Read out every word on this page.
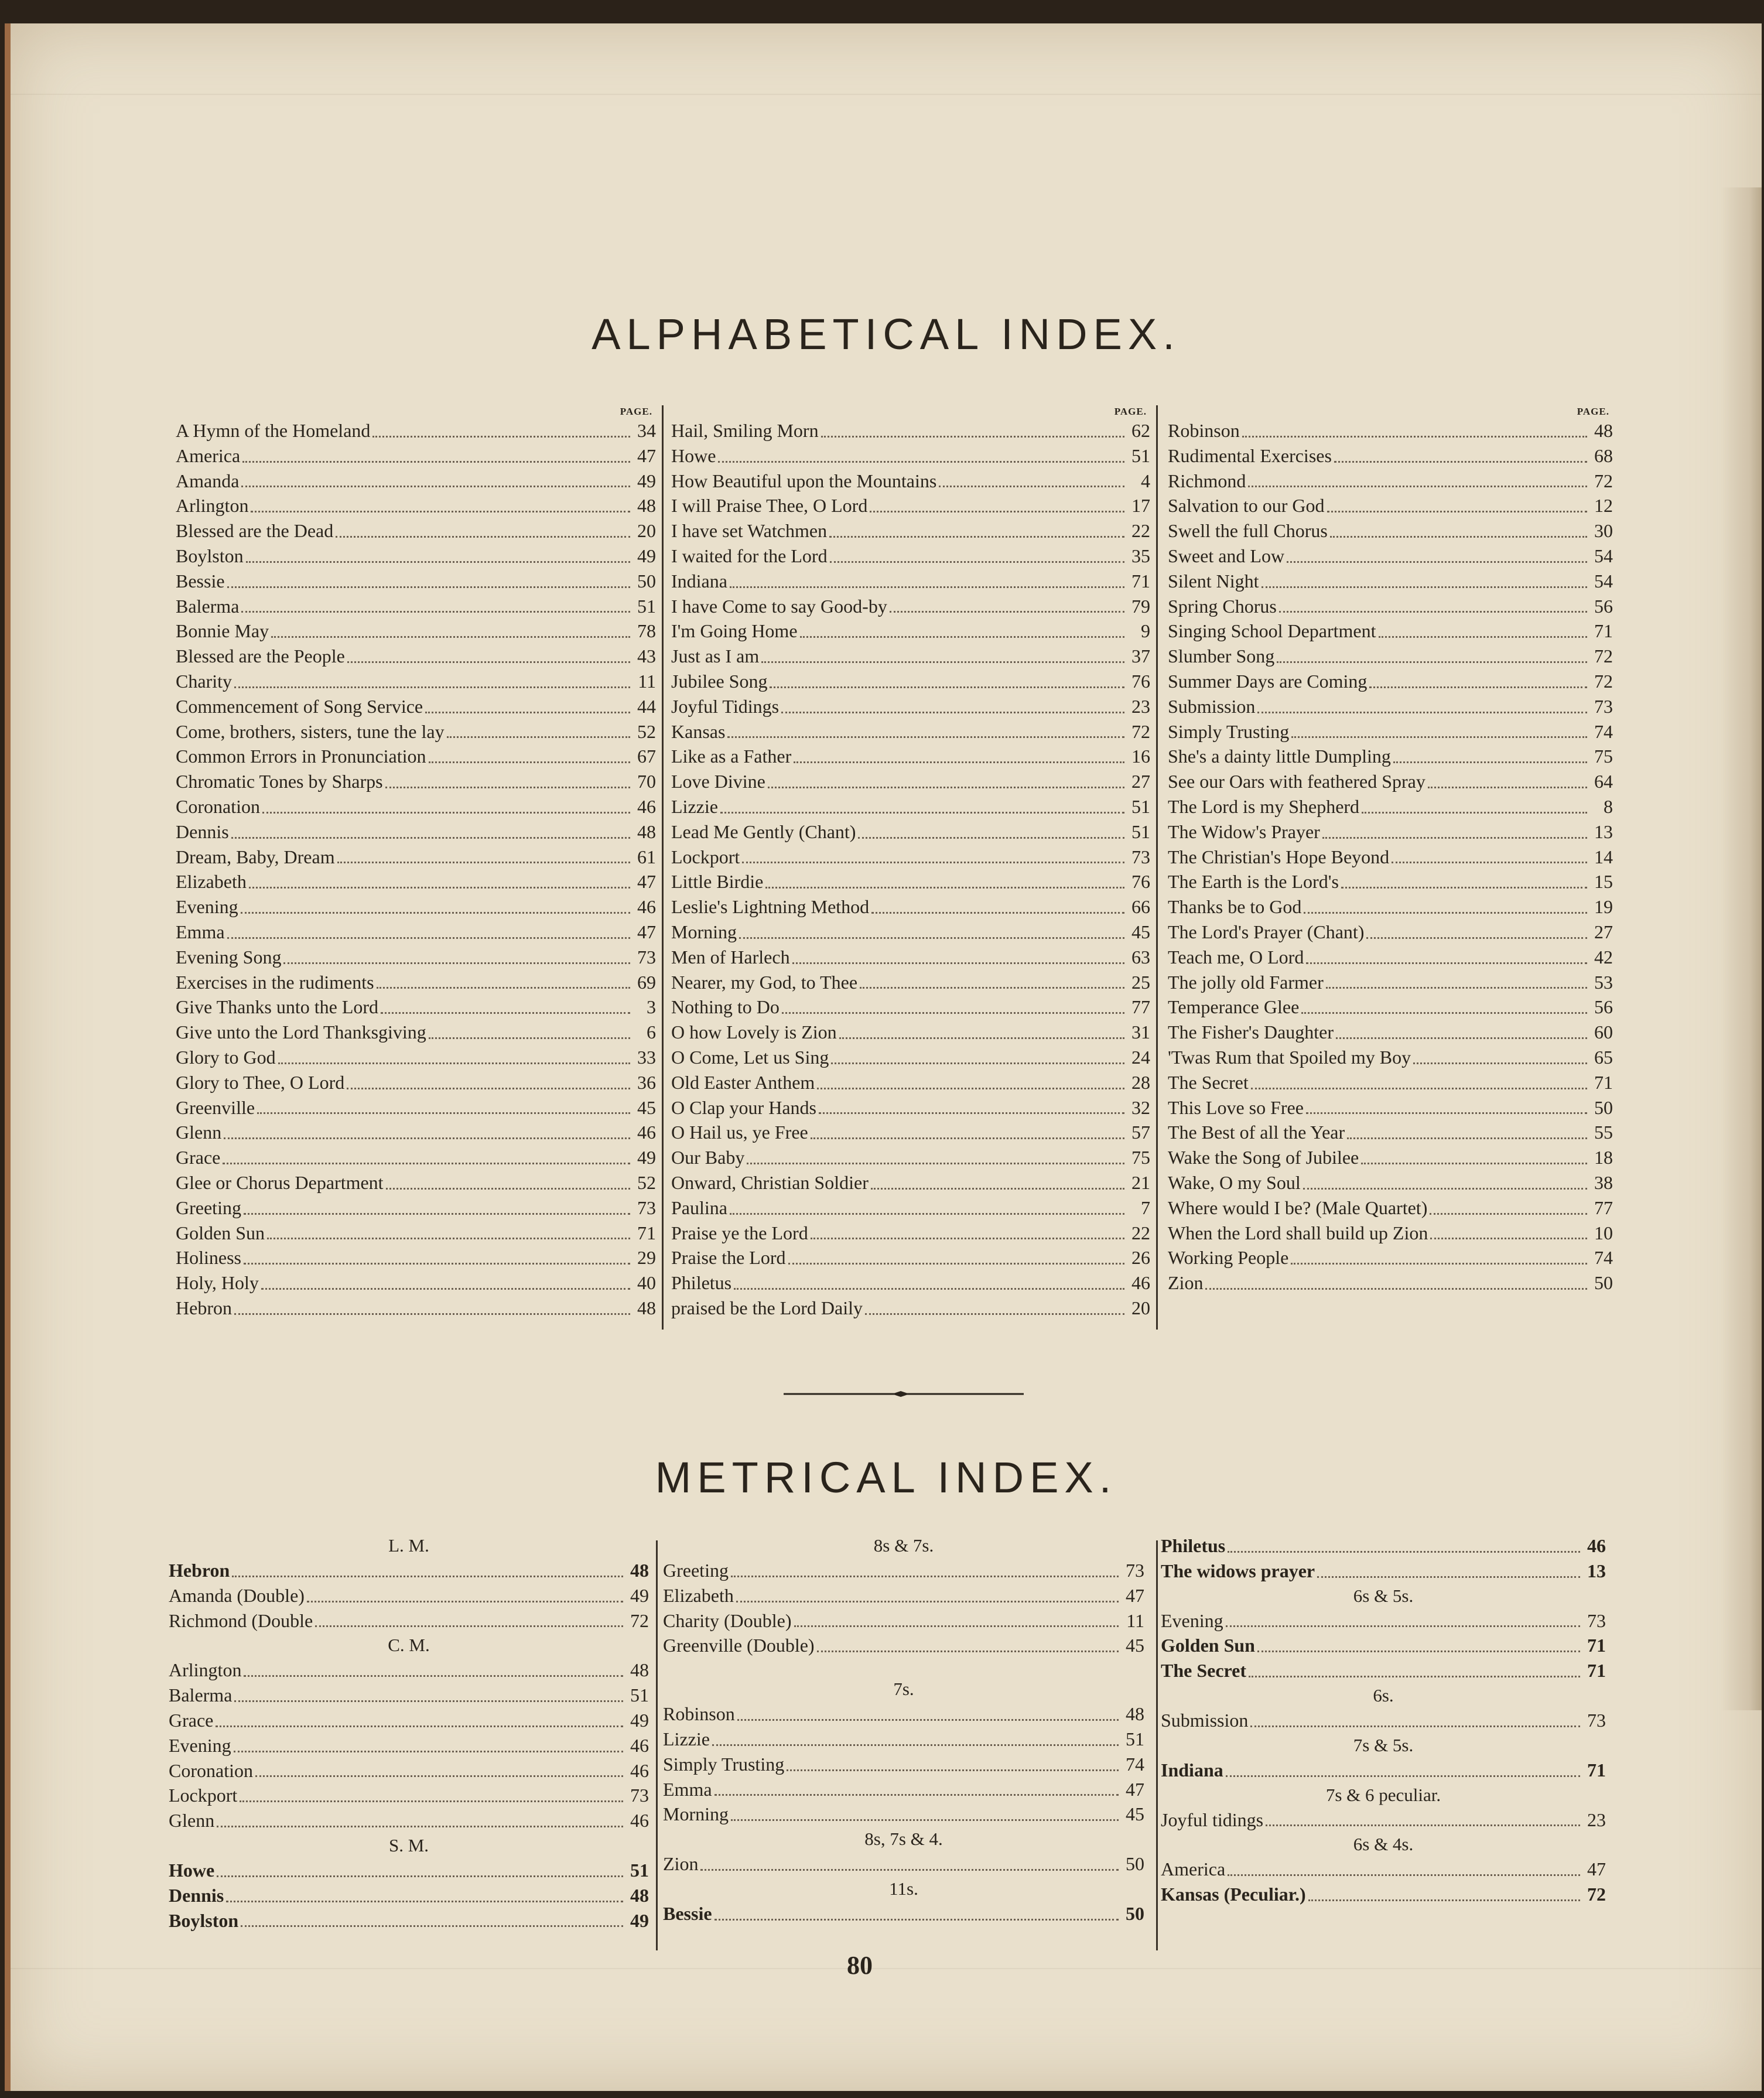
ALPHABETICAL INDEX.
PAGE.
A Hymn of the Homeland	34
America	47
Amanda	49
Arlington	48
Blessed are the Dead	20
Boylston	49
Bessie	50
Balerma	51
Bonnie May	78
Blessed are the People	43
Charity	11
Commencement of Song Service	44
Come, brothers, sisters, tune the lay	52
Common Errors in Pronunciation	67
Chromatic Tones by Sharps	70
Coronation	46
Dennis	48
Dream, Baby, Dream	61
Elizabeth	47
Evening	46
Emma	47
Evening Song	73
Exercises in the rudiments	69
Give Thanks unto the Lord	3
Give unto the Lord Thanksgiving	6
Glory to God	33
Glory to Thee, O Lord	36
Greenville	45
Glenn	46
Grace	49
Glee or Chorus Department	52
Greeting	73
Golden Sun	71
Holiness	29
Holy, Holy	40
Hebron	48
PAGE.
Hail, Smiling Morn	62
Howe	51
How Beautiful upon the Mountains	4
I will Praise Thee, O Lord	17
I have set Watchmen	22
I waited for the Lord	35
Indiana	71
I have Come to say Good-by	79
I'm Going Home	9
Just as I am	37
Jubilee Song	76
Joyful Tidings	23
Kansas	72
Like as a Father	16
Love Divine	27
Lizzie	51
Lead Me Gently (Chant)	51
Lockport	73
Little Birdie	76
Leslie's Lightning Method	66
Morning	45
Men of Harlech	63
Nearer, my God, to Thee	25
Nothing to Do	77
O how Lovely is Zion	31
O Come, Let us Sing	24
Old Easter Anthem	28
O Clap your Hands	32
O Hail us, ye Free	57
Our Baby	75
Onward, Christian Soldier	21
Paulina	7
Praise ye the Lord	22
Praise the Lord	26
Philetus	46
praised be the Lord Daily	20
PAGE.
Robinson	48
Rudimental Exercises	68
Richmond	72
Salvation to our God	12
Swell the full Chorus	30
Sweet and Low	54
Silent Night	54
Spring Chorus	56
Singing School Department	71
Slumber Song	72
Summer Days are Coming	72
Submission	73
Simply Trusting	74
She's a dainty little Dumpling	75
See our Oars with feathered Spray	64
The Lord is my Shepherd	8
The Widow's Prayer	13
The Christian's Hope Beyond	14
The Earth is the Lord's	15
Thanks be to God	19
The Lord's Prayer (Chant)	27
Teach me, O Lord	42
The jolly old Farmer	53
Temperance Glee	56
The Fisher's Daughter	60
'Twas Rum that Spoiled my Boy	65
The Secret	71
This Love so Free	50
The Best of all the Year	55
Wake the Song of Jubilee	18
Wake, O my Soul	38
Where would I be? (Male Quartet)	77
When the Lord shall build up Zion	10
Working People	74
Zion	50
METRICAL INDEX.
L. M.
Hebron	48
Amanda (Double)	49
Richmond (Double	72
C. M.
Arlington	48
Balerma	51
Grace	49
Evening	46
Coronation	46
Lockport	73
Glenn	46
S. M.
Howe	51
Dennis	48
Boylston	49
8s & 7s.
Greeting	73
Elizabeth	47
Charity (Double)	11
Greenville (Double)	45
7s.
Robinson	48
Lizzie	51
Simply Trusting	74
Emma	47
Morning	45
8s, 7s & 4.
Zion	50
11s.
Bessie	50
Philetus	46
The widows prayer	13
6s & 5s.
Evening	73
Golden Sun	71
The Secret	71
6s.
Submission	73
7s & 5s.
Indiana	71
7s & 6 peculiar.
Joyful tidings	23
6s & 4s.
America	47
Kansas (Peculiar.)	72
80
